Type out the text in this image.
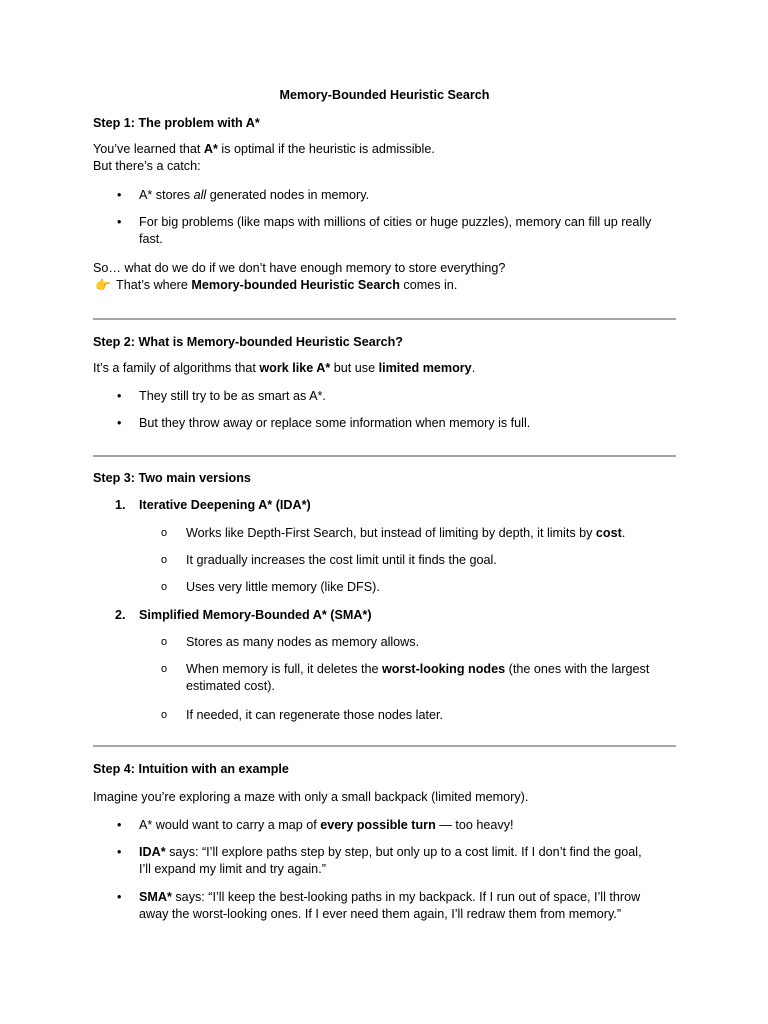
Memory-Bounded Heuristic Search
Step 1: The problem with A*
You’ve learned that A* is optimal if the heuristic is admissible.
But there’s a catch:
• A* stores all generated nodes in memory.
• For big problems (like maps with millions of cities or huge puzzles), memory can fill up really
fast.
So… what do we do if we don’t have enough memory to store everything?
👉 That’s where Memory-bounded Heuristic Search comes in.
Step 2: What is Memory-bounded Heuristic Search?
It’s a family of algorithms that work like A* but use limited memory.
• They still try to be as smart as A*.
• But they throw away or replace some information when memory is full.
Step 3: Two main versions
1. Iterative Deepening A* (IDA*)
o Works like Depth-First Search, but instead of limiting by depth, it limits by cost.
o It gradually increases the cost limit until it finds the goal.
o Uses very little memory (like DFS).
2. Simplified Memory-Bounded A* (SMA*)
o Stores as many nodes as memory allows.
o When memory is full, it deletes the worst-looking nodes (the ones with the largest
estimated cost).
o If needed, it can regenerate those nodes later.
Step 4: Intuition with an example
Imagine you’re exploring a maze with only a small backpack (limited memory).
• A* would want to carry a map of every possible turn — too heavy!
• IDA* says: “I’ll explore paths step by step, but only up to a cost limit. If I don’t find the goal,
I’ll expand my limit and try again.”
• SMA* says: “I’ll keep the best-looking paths in my backpack. If I run out of space, I’ll throw
away the worst-looking ones. If I ever need them again, I’ll redraw them from memory.”
